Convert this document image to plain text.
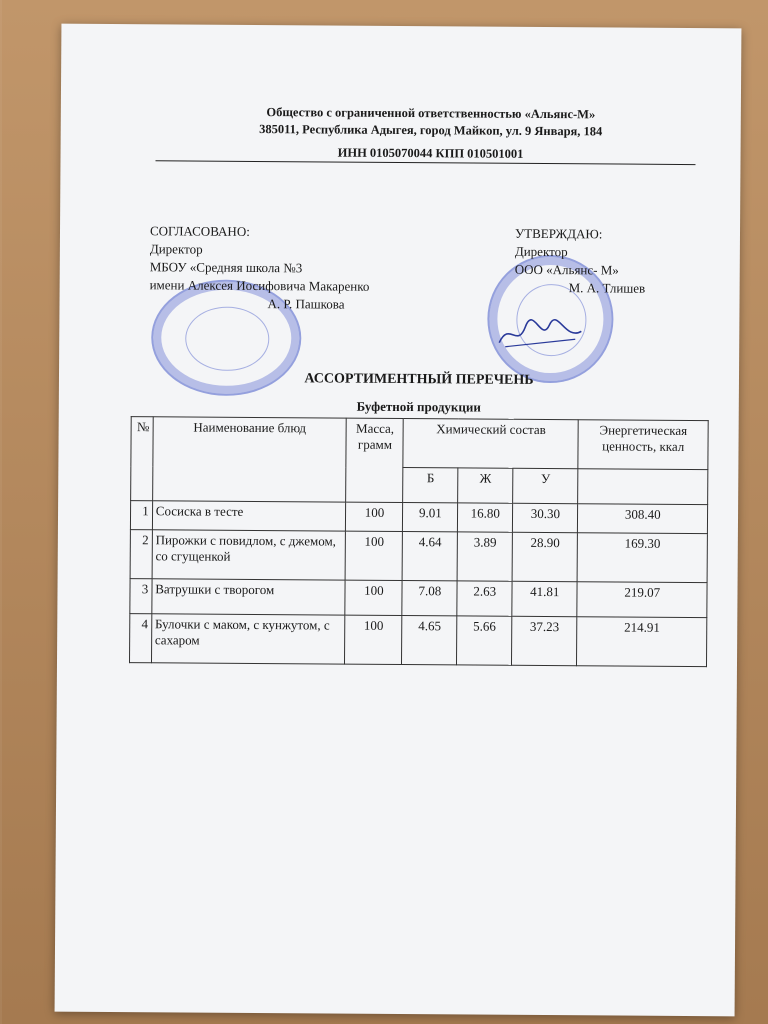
Общество с ограниченной ответственностью «Альянс-М»
385011, Республика Адыгея, город Майкоп, ул. 9 Января, 184
ИНН 0105070044 КПП 010501001
СОГЛАСОВАНО:
Директор
МБОУ «Средняя школа №3
имени Алексея Иосифовича Макаренко
А. Р. Пашкова
УТВЕРЖДАЮ:
Директор
ООО «Альянс- М»
М. А. Тлишев
АССОРТИМЕНТНЫЙ ПЕРЕЧЕНЬ
Буфетной продукции
№	Наименование блюд	Масса, грамм	Химический состав			Энергетическая ценность, ккал
			Б	Ж	У	
1	Сосиска в тесте	100	9.01	16.80	30.30	308.40
2	Пирожки с повидлом, с джемом, со сгущенкой	100	4.64	3.89	28.90	169.30
3	Ватрушки с творогом	100	7.08	2.63	41.81	219.07
4	Булочки с маком, с кунжутом, с сахаром	100	4.65	5.66	37.23	214.91
